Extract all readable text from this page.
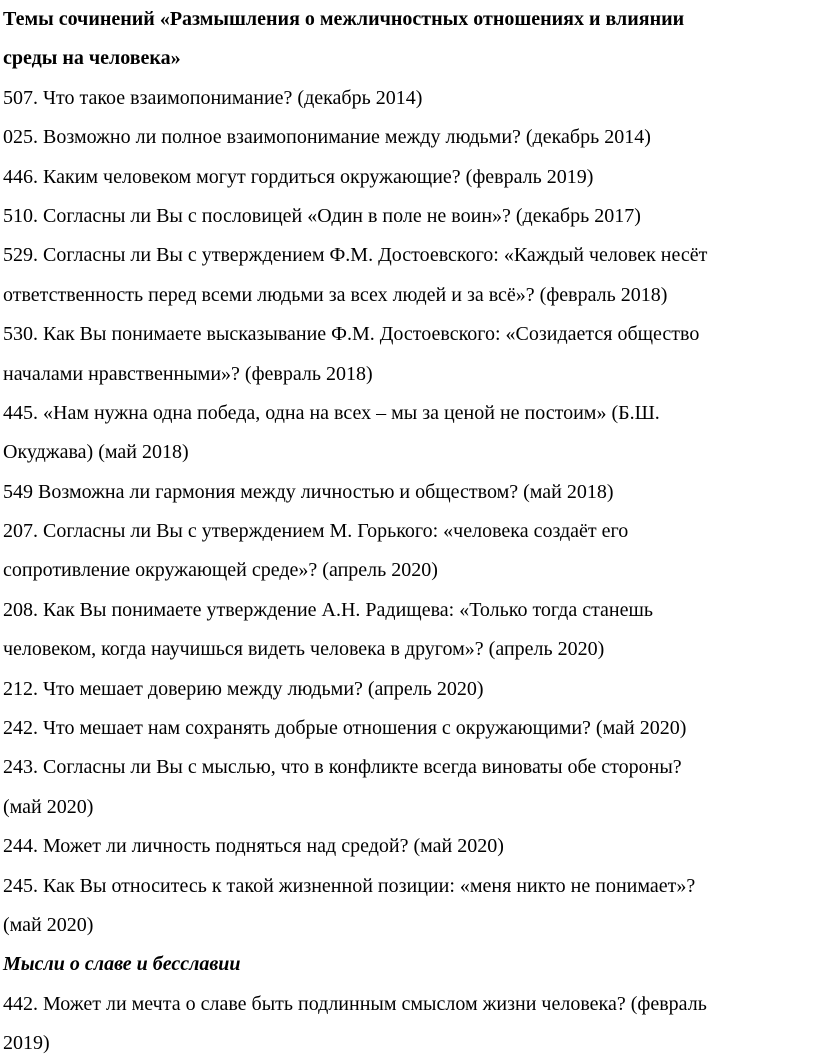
Темы сочинений «Размышления о межличностных отношениях и влиянии
среды на человека»
507. Что такое взаимопонимание? (декабрь 2014)
025. Возможно ли полное взаимопонимание между людьми? (декабрь 2014)
446. Каким человеком могут гордиться окружающие? (февраль 2019)
510. Согласны ли Вы с пословицей «Один в поле не воин»? (декабрь 2017)
529. Согласны ли Вы с утверждением Ф.М. Достоевского: «Каждый человек несёт
ответственность перед всеми людьми за всех людей и за всё»? (февраль 2018)
530. Как Вы понимаете высказывание Ф.М. Достоевского: «Созидается общество
началами нравственными»? (февраль 2018)
445. «Нам нужна одна победа, одна на всех – мы за ценой не постоим» (Б.Ш.
Окуджава) (май 2018)
549 Возможна ли гармония между личностью и обществом? (май 2018)
207. Согласны ли Вы с утверждением М. Горького: «человека создаёт его
сопротивление окружающей среде»? (апрель 2020)
208. Как Вы понимаете утверждение А.Н. Радищева: «Только тогда станешь
человеком, когда научишься видеть человека в другом»? (апрель 2020)
212. Что мешает доверию между людьми? (апрель 2020)
242. Что мешает нам сохранять добрые отношения с окружающими? (май 2020)
243. Согласны ли Вы с мыслью, что в конфликте всегда виноваты обе стороны?
(май 2020)
244. Может ли личность подняться над средой? (май 2020)
245. Как Вы относитесь к такой жизненной позиции: «меня никто не понимает»?
(май 2020)
Мысли о славе и бесславии
442. Может ли мечта о славе быть подлинным смыслом жизни человека? (февраль
2019)
